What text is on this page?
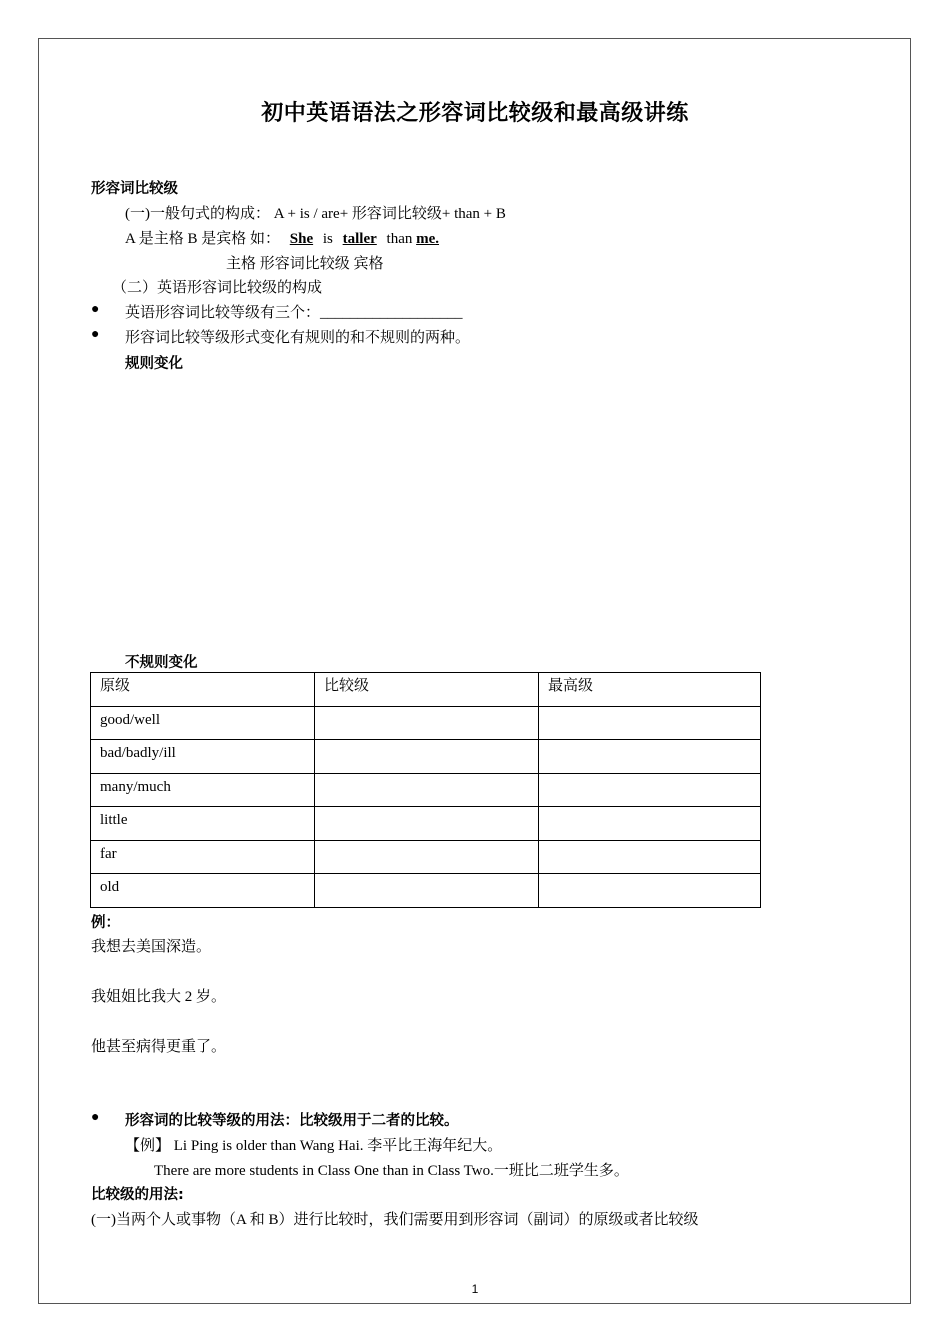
初中英语语法之形容词比较级和最高级讲练
形容词比较级
(一)一般句式的构成： A + is / are+ 形容词比较级+ than + B
A 是主格 B 是宾格 如： She is taller than me.
主格 形容词比较级 宾格
（二）英语形容词比较级的构成
● 英语形容词比较等级有三个：___________________
● 形容词比较等级形式变化有规则的和不规则的两种。
规则变化
不规则变化
原级	比较级	最高级
good/well		
bad/badly/ill		
many/much		
little		
far		
old		
例：
我想去美国深造。
我姐姐比我大 2 岁。
他甚至病得更重了。
● 形容词的比较等级的用法：比较级用于二者的比较。
【例】 Li Ping is older than Wang Hai. 李平比王海年纪大。
There are more students in Class One than in Class Two.一班比二班学生多。
比较级的用法:
(一)当两个人或事物（A 和 B）进行比较时，我们需要用到形容词（副词）的原级或者比较级
1
